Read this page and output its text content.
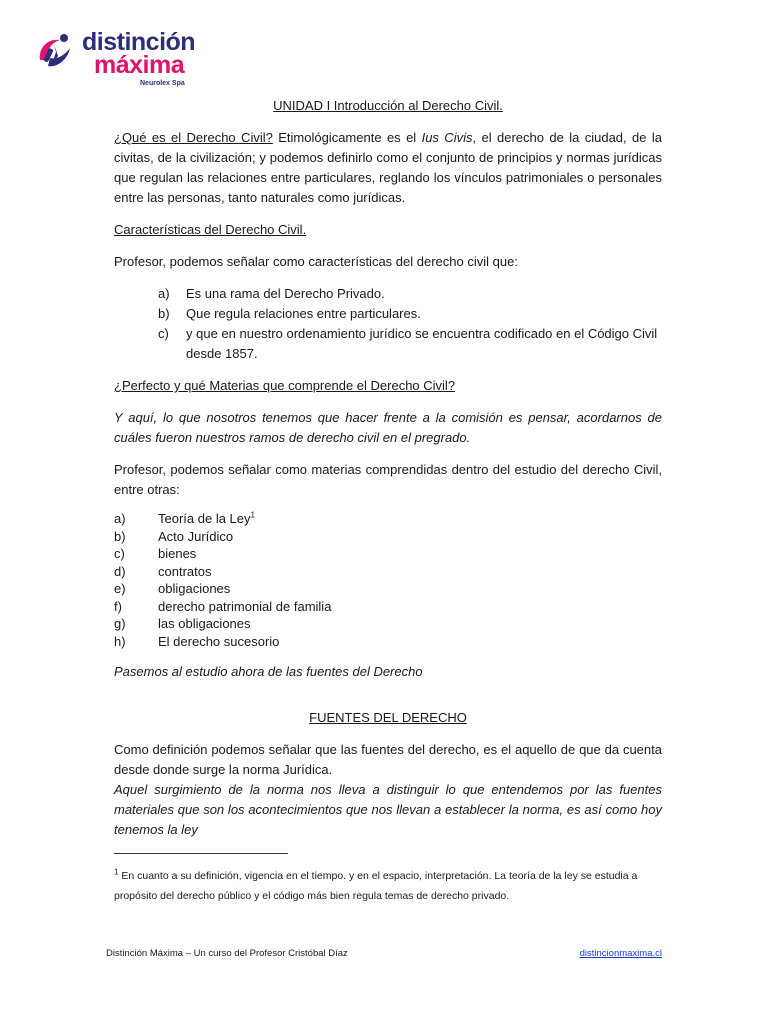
distinción
máxima
Neurolex Spa
UNIDAD I Introducción al Derecho Civil.

¿Qué es el Derecho Civil? Etimológicamente es el Ius Civis, el derecho de la ciudad, de la civitas, de la civilización; y podemos definirlo como el conjunto de principios y normas jurídicas que regulan las relaciones entre particulares, reglando los vínculos patrimoniales o personales entre las personas, tanto naturales como jurídicas.

Características del Derecho Civil.

Profesor, podemos señalar como características del derecho civil que:

a)	Es una rama del Derecho Privado.
b)	Que regula relaciones entre particulares.
c)	y que en nuestro ordenamiento jurídico se encuentra codificado en el Código Civil desde 1857.

¿Perfecto y qué Materias que comprende el Derecho Civil?

Y aquí, lo que nosotros tenemos que hacer frente a la comisión es pensar, acordarnos de cuáles fueron nuestros ramos de derecho civil en el pregrado.

Profesor, podemos señalar como materias comprendidas dentro del estudio del derecho Civil, entre otras:

a)	Teoría de la Ley$^1$
b)	Acto Jurídico
c)	bienes
d)	contratos
e)	obligaciones
f)	derecho patrimonial de familia
g)	las obligaciones
h)	El derecho sucesorio

Pasemos al estudio ahora de las fuentes del Derecho

FUENTES DEL DERECHO

Como definición podemos señalar que las fuentes del derecho, es el aquello de que da cuenta desde donde surge la norma Jurídica.

Aquel surgimiento de la norma nos lleva a distinguir lo que entendemos por las fuentes materiales que son los acontecimientos que nos llevan a establecer la norma, es así como hoy tenemos la ley

$^1$ En cuanto a su definición, vigencia en el tiempo. y en el espacio, interpretación. La teoría de la ley se estudia a propósito del derecho público y el código más bien regula temas de derecho privado.
Distinción Máxima – Un curso del Profesor Cristóbal Díaz	distincionmaxima.cl
